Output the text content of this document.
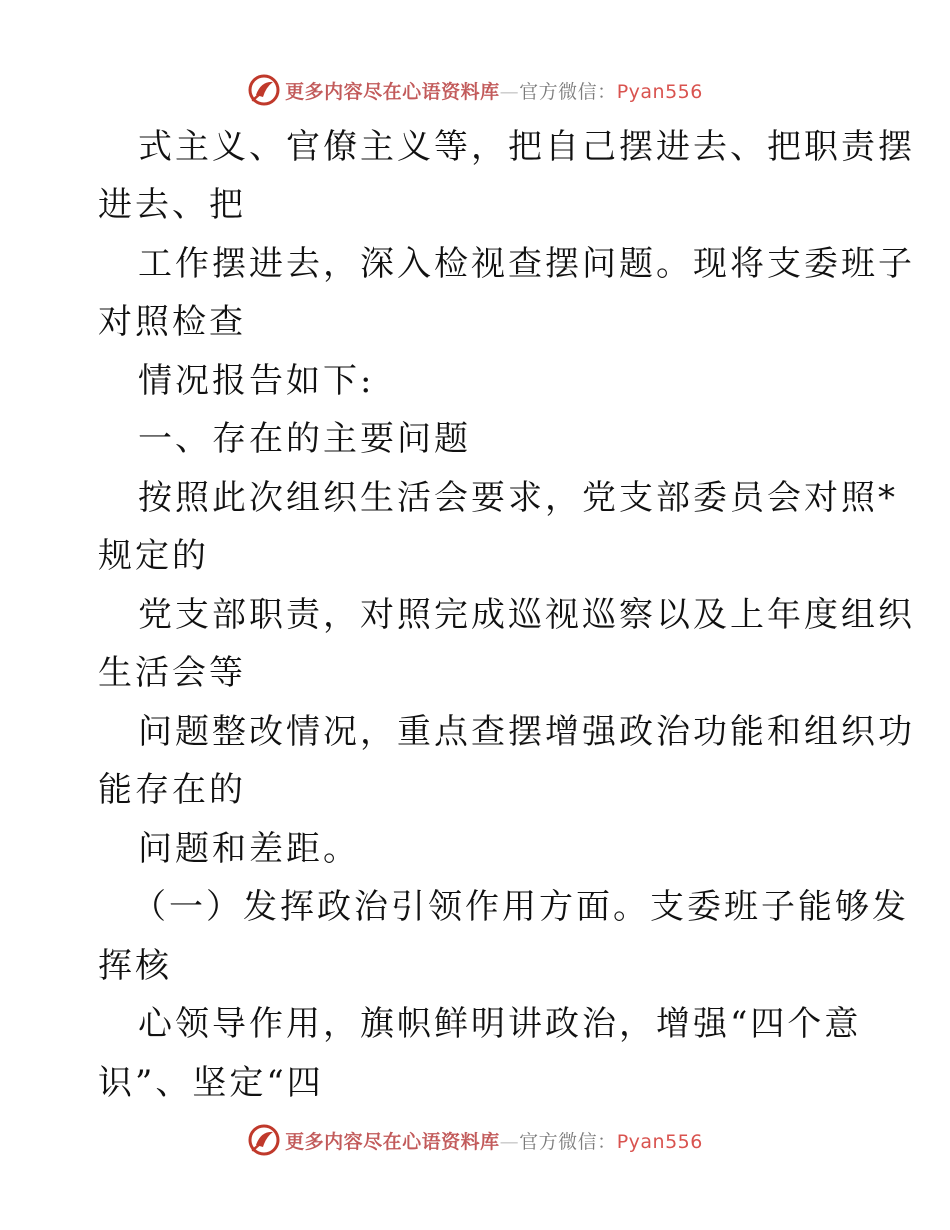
更多内容尽在心语资料库—官方微信：Pyan556
式主义、官僚主义等，把自己摆进去、把职责摆
进去、把
工作摆进去，深入检视查摆问题。现将支委班子
对照检查
情况报告如下:
一、存在的主要问题
按照此次组织生活会要求，党支部委员会对照*
规定的
党支部职责，对照完成巡视巡察以及上年度组织
生活会等
问题整改情况，重点查摆增强政治功能和组织功
能存在的
问题和差距。
（一）发挥政治引领作用方面。支委班子能够发
挥核
心领导作用，旗帜鲜明讲政治，增强“四个意
识”、坚定“四
更多内容尽在心语资料库—官方微信：Pyan556
